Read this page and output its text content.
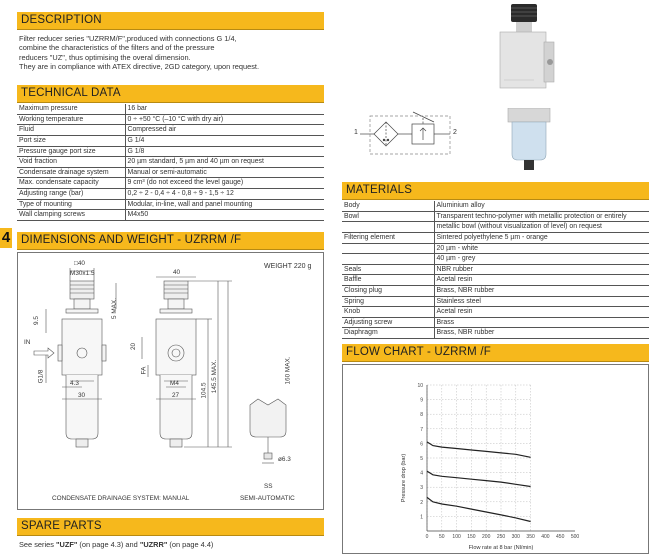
DESCRIPTION
Filter reducer series "UZRRM/F",produced with connections G 1/4,
combine the characteristics of the filters and of the pressure
reducers "UZ", thus optimising the overal dimension.
They are in compliance with ATEX directive, 2GD category, upon request.
TECHNICAL DATA
Maximum pressure	16 bar
Working temperature	0 ÷ +50 °C (–10 °C with dry air)
Fluid	Compressed air
Port size	G 1/4
Pressure gauge port size	G 1/8
Void fraction	20 µm standard, 5 µm and 40 µm on request
Condensate drainage system	Manual or semi-automatic
Max. condensate capacity	9 cm³ (do not exceed the level gauge)
Adjusting range (bar)	0,2 ÷ 2 - 0,4 ÷ 4 - 0,8 ÷ 9 - 1,5 ÷ 12
Type of mounting	Modular, in-line, wall and panel mounting
Wall clamping screws	M4x50
4 DIMENSIONS AND WEIGHT - UZRRM /F
WEIGHT 220 g
□40
M30x1.5
5 MAX.
9.5
IN
G1/8
4.3
30
40
20
FA
M4
27	104.5 145.5 MAX.	160 MAX.
ø6.3
SS
CONDENSATE DRAINAGE SYSTEM: MANUAL	SEMI-AUTOMATIC
SPARE PARTS
See series "UZF" (on page 4.3) and "UZRR" (on page 4.4)
1	2
MATERIALS
Body	Aluminium alloy
Bowl	Transparent techno-polymer with metallic protection or entirely
	metallic bowl (without visualization of level) on request
Filtering element	Sintered polyethylene 5 µm - orange
	20 µm - white
	40 µm - grey
Seals	NBR rubber
Baffle	Acetal resin
Closing plug	Brass, NBR rubber
Spring	Stainless steel
Knob	Acetal resin
Adjusting screw	Brass
Diaphragm	Brass, NBR rubber
FLOW CHART - UZRRM /F
0 50 100 150 200 250 300 350 400 450 500
1
2
3
4
5
6
7
8
9
10
Flow rate at 8 bar (Nl/min)
Pressure drop (bar)
